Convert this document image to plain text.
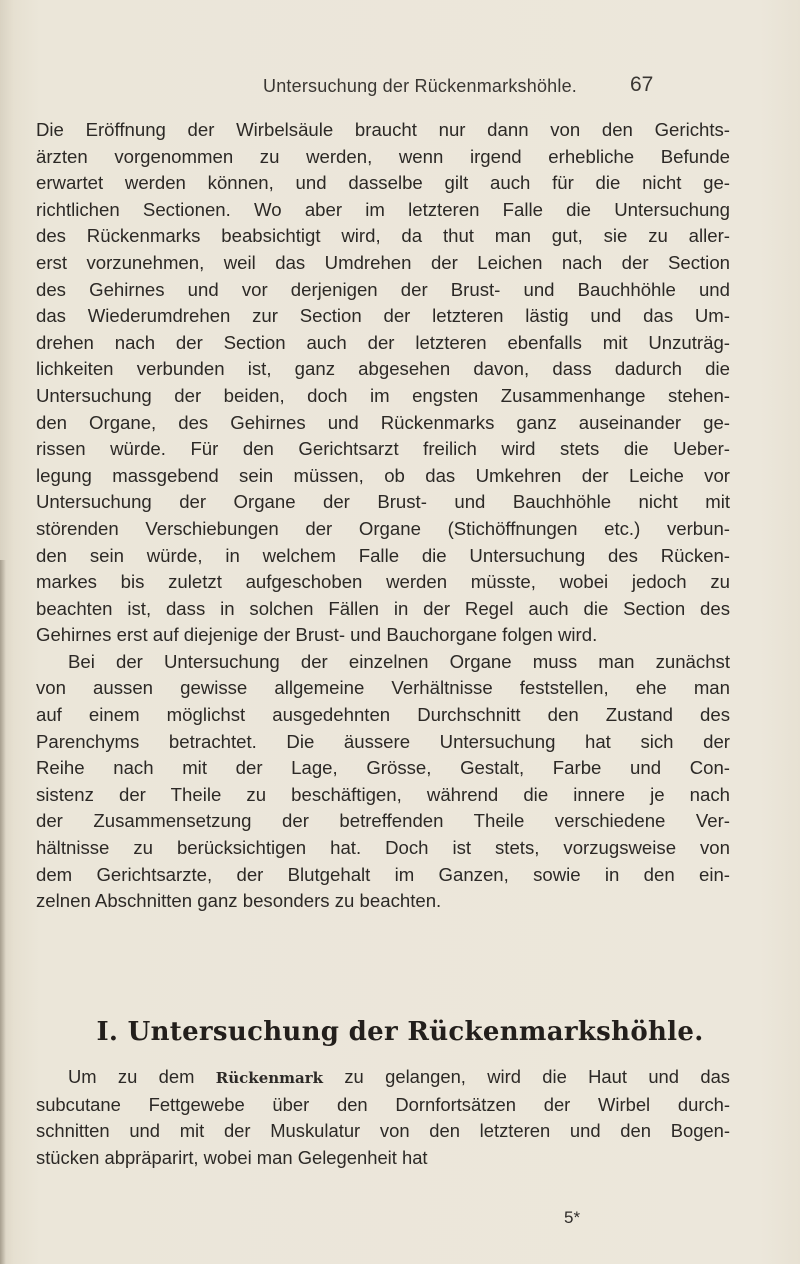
Untersuchung der Rückenmarkshöhle.	67

Die Eröffnung der Wirbelsäule braucht nur dann von den Gerichts-
ärzten vorgenommen zu werden, wenn irgend erhebliche Befunde
erwartet werden können, und dasselbe gilt auch für die nicht ge-
richtlichen Sectionen. Wo aber im letzteren Falle die Untersuchung
des Rückenmarks beabsichtigt wird, da thut man gut, sie zu aller-
erst vorzunehmen, weil das Umdrehen der Leichen nach der Section
des Gehirnes und vor derjenigen der Brust- und Bauchhöhle und
das Wiederumdrehen zur Section der letzteren lästig und das Um-
drehen nach der Section auch der letzteren ebenfalls mit Unzuträg-
lichkeiten verbunden ist, ganz abgesehen davon, dass dadurch die
Untersuchung der beiden, doch im engsten Zusammenhange stehen-
den Organe, des Gehirnes und Rückenmarks ganz auseinander ge-
rissen würde. Für den Gerichtsarzt freilich wird stets die Ueber-
legung massgebend sein müssen, ob das Umkehren der Leiche vor
Untersuchung der Organe der Brust- und Bauchhöhle nicht mit
störenden Verschiebungen der Organe (Stichöffnungen etc.) verbun-
den sein würde, in welchem Falle die Untersuchung des Rücken-
markes bis zuletzt aufgeschoben werden müsste, wobei jedoch zu
beachten ist, dass in solchen Fällen in der Regel auch die Section des
Gehirnes erst auf diejenige der Brust- und Bauchorgane folgen wird.

Bei der Untersuchung der einzelnen Organe muss man zunächst
von aussen gewisse allgemeine Verhältnisse feststellen, ehe man
auf einem möglichst ausgedehnten Durchschnitt den Zustand des
Parenchyms betrachtet. Die äussere Untersuchung hat sich der
Reihe nach mit der Lage, Grösse, Gestalt, Farbe und Con-
sistenz der Theile zu beschäftigen, während die innere je nach
der Zusammensetzung der betreffenden Theile verschiedene Ver-
hältnisse zu berücksichtigen hat. Doch ist stets, vorzugsweise von
dem Gerichtsarzte, der Blutgehalt im Ganzen, sowie in den ein-
zelnen Abschnitten ganz besonders zu beachten.

I. Untersuchung der Rückenmarkshöhle.

Um zu dem Rückenmark zu gelangen, wird die Haut und das
subcutane Fettgewebe über den Dornfortsätzen der Wirbel durch-
schnitten und mit der Muskulatur von den letzteren und den Bogen-
stücken abpräparirt, wobei man Gelegenheit hat

5*
